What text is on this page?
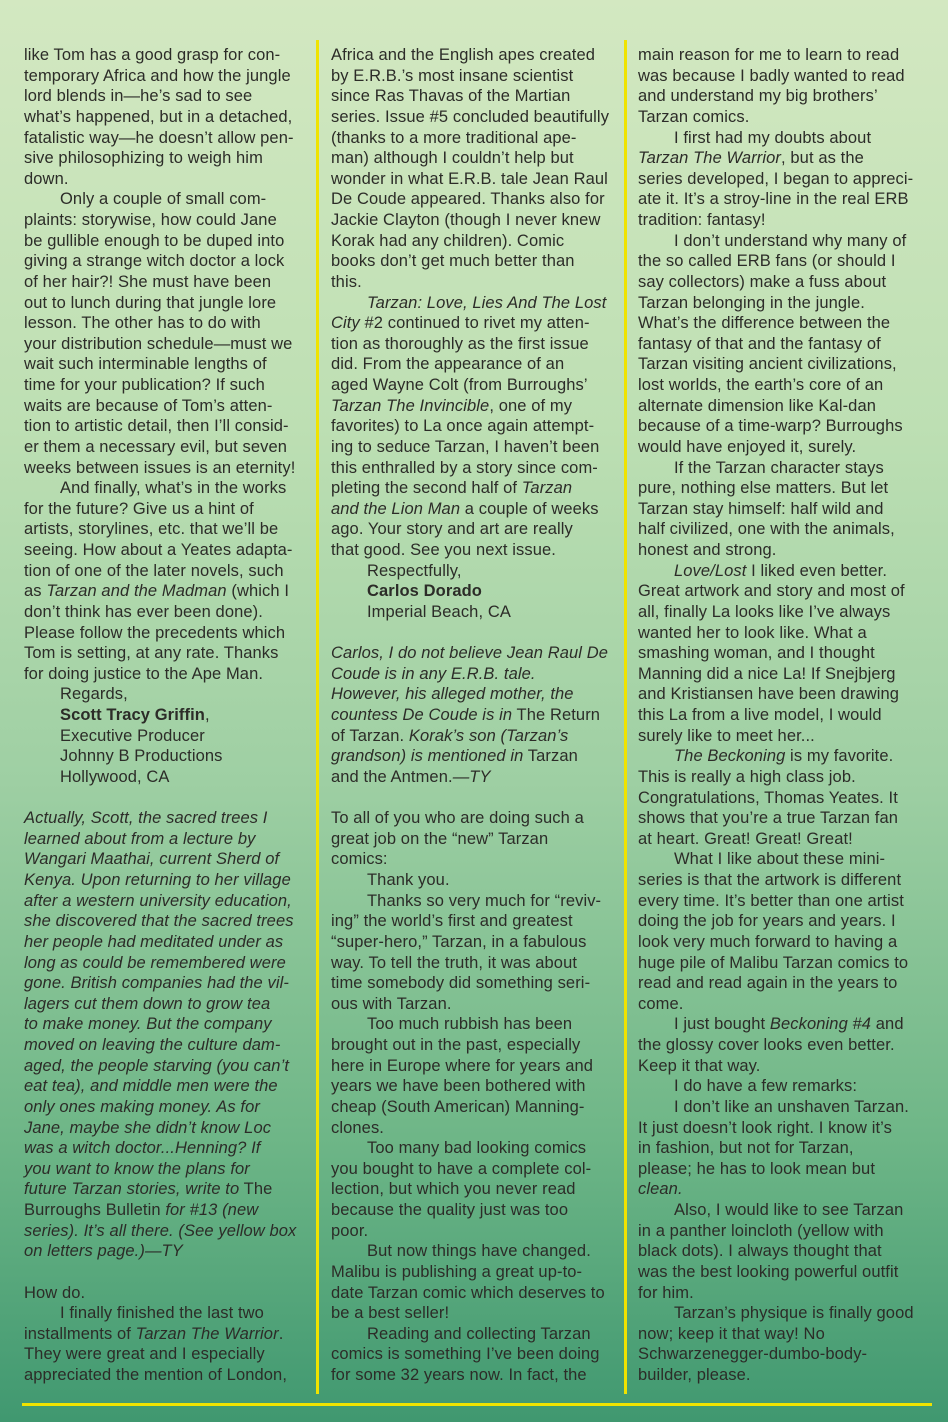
like Tom has a good grasp for con-
temporary Africa and how the jungle
lord blends in—he’s sad to see
what’s happened, but in a detached,
fatalistic way—he doesn’t allow pen-
sive philosophizing to weigh him
down.
Only a couple of small com-
plaints: storywise, how could Jane
be gullible enough to be duped into
giving a strange witch doctor a lock
of her hair?! She must have been
out to lunch during that jungle lore
lesson. The other has to do with
your distribution schedule—must we
wait such interminable lengths of
time for your publication? If such
waits are because of Tom’s atten-
tion to artistic detail, then I’ll consid-
er them a necessary evil, but seven
weeks between issues is an eternity!
And finally, what’s in the works
for the future? Give us a hint of
artists, storylines, etc. that we’ll be
seeing. How about a Yeates adapta-
tion of one of the later novels, such
as Tarzan and the Madman (which I
don’t think has ever been done).
Please follow the precedents which
Tom is setting, at any rate. Thanks
for doing justice to the Ape Man.
Regards,
Scott Tracy Griffin,
Executive Producer
Johnny B Productions
Hollywood, CA
Actually, Scott, the sacred trees I
learned about from a lecture by
Wangari Maathai, current Sherd of
Kenya. Upon returning to her village
after a western university education,
she discovered that the sacred trees
her people had meditated under as
long as could be remembered were
gone. British companies had the vil-
lagers cut them down to grow tea
to make money. But the company
moved on leaving the culture dam-
aged, the people starving (you can’t
eat tea), and middle men were the
only ones making money. As for
Jane, maybe she didn’t know Loc
was a witch doctor...Henning? If
you want to know the plans for
future Tarzan stories, write to The
Burroughs Bulletin for #13 (new
series). It’s all there. (See yellow box
on letters page.)—TY
How do.
I finally finished the last two
installments of Tarzan The Warrior.
They were great and I especially
appreciated the mention of London,
Africa and the English apes created
by E.R.B.’s most insane scientist
since Ras Thavas of the Martian
series. Issue #5 concluded beautifully
(thanks to a more traditional ape-
man) although I couldn’t help but
wonder in what E.R.B. tale Jean Raul
De Coude appeared. Thanks also for
Jackie Clayton (though I never knew
Korak had any children). Comic
books don’t get much better than
this.
Tarzan: Love, Lies And The Lost
City #2 continued to rivet my atten-
tion as thoroughly as the first issue
did. From the appearance of an
aged Wayne Colt (from Burroughs’
Tarzan The Invincible, one of my
favorites) to La once again attempt-
ing to seduce Tarzan, I haven’t been
this enthralled by a story since com-
pleting the second half of Tarzan
and the Lion Man a couple of weeks
ago. Your story and art are really
that good. See you next issue.
Respectfully,
Carlos Dorado
Imperial Beach, CA
Carlos, I do not believe Jean Raul De
Coude is in any E.R.B. tale.
However, his alleged mother, the
countess De Coude is in The Return
of Tarzan. Korak’s son (Tarzan’s
grandson) is mentioned in Tarzan
and the Antmen.—TY
To all of you who are doing such a
great job on the “new” Tarzan
comics:
Thank you.
Thanks so very much for “reviv-
ing” the world’s first and greatest
“super-hero,” Tarzan, in a fabulous
way. To tell the truth, it was about
time somebody did something seri-
ous with Tarzan.
Too much rubbish has been
brought out in the past, especially
here in Europe where for years and
years we have been bothered with
cheap (South American) Manning-
clones.
Too many bad looking comics
you bought to have a complete col-
lection, but which you never read
because the quality just was too
poor.
But now things have changed.
Malibu is publishing a great up-to-
date Tarzan comic which deserves to
be a best seller!
Reading and collecting Tarzan
comics is something I’ve been doing
for some 32 years now. In fact, the
main reason for me to learn to read
was because I badly wanted to read
and understand my big brothers’
Tarzan comics.
I first had my doubts about
Tarzan The Warrior, but as the
series developed, I began to appreci-
ate it. It’s a stroy-line in the real ERB
tradition: fantasy!
I don’t understand why many of
the so called ERB fans (or should I
say collectors) make a fuss about
Tarzan belonging in the jungle.
What’s the difference between the
fantasy of that and the fantasy of
Tarzan visiting ancient civilizations,
lost worlds, the earth’s core of an
alternate dimension like Kal-dan
because of a time-warp? Burroughs
would have enjoyed it, surely.
If the Tarzan character stays
pure, nothing else matters. But let
Tarzan stay himself: half wild and
half civilized, one with the animals,
honest and strong.
Love/Lost I liked even better.
Great artwork and story and most of
all, finally La looks like I’ve always
wanted her to look like. What a
smashing woman, and I thought
Manning did a nice La! If Snejbjerg
and Kristiansen have been drawing
this La from a live model, I would
surely like to meet her...
The Beckoning is my favorite.
This is really a high class job.
Congratulations, Thomas Yeates. It
shows that you’re a true Tarzan fan
at heart. Great! Great! Great!
What I like about these mini-
series is that the artwork is different
every time. It’s better than one artist
doing the job for years and years. I
look very much forward to having a
huge pile of Malibu Tarzan comics to
read and read again in the years to
come.
I just bought Beckoning #4 and
the glossy cover looks even better.
Keep it that way.
I do have a few remarks:
I don’t like an unshaven Tarzan.
It just doesn’t look right. I know it’s
in fashion, but not for Tarzan,
please; he has to look mean but
clean.
Also, I would like to see Tarzan
in a panther loincloth (yellow with
black dots). I always thought that
was the best looking powerful outfit
for him.
Tarzan’s physique is finally good
now; keep it that way! No
Schwarzenegger-dumbo-body-
builder, please.
